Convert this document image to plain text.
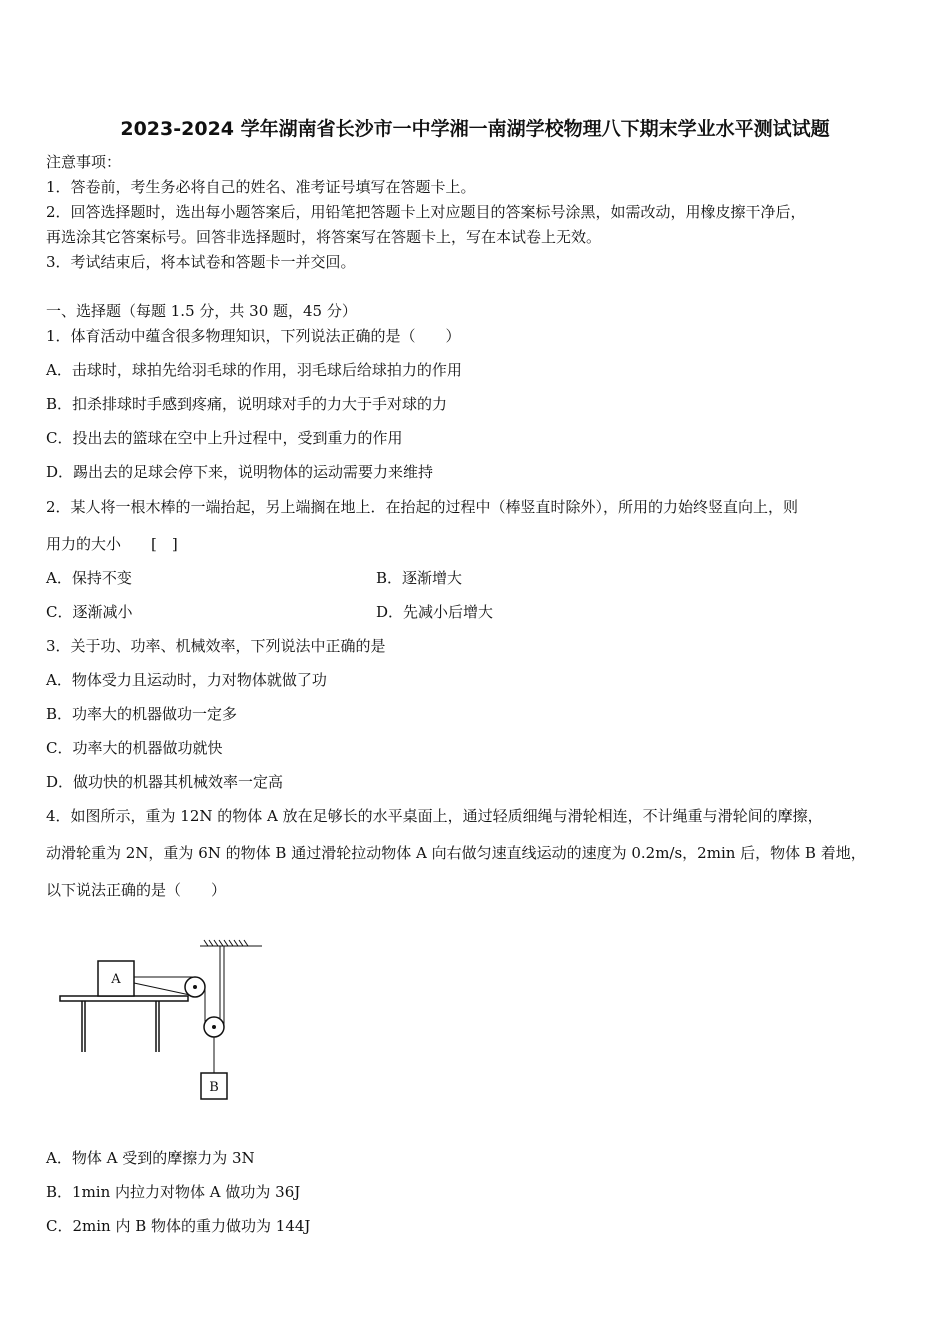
2023-2024 学年湖南省长沙市一中学湘一南湖学校物理八下期末学业水平测试试题
注意事项：
1．答卷前，考生务必将自己的姓名、准考证号填写在答题卡上。
2．回答选择题时，选出每小题答案后，用铅笔把答题卡上对应题目的答案标号涂黑，如需改动，用橡皮擦干净后，
再选涂其它答案标号。回答非选择题时，将答案写在答题卡上，写在本试卷上无效。
3．考试结束后，将本试卷和答题卡一并交回。
一、选择题（每题 1.5 分，共 30 题，45 分）
1．体育活动中蕴含很多物理知识，下列说法正确的是（　　）
A．击球时，球拍先给羽毛球的作用，羽毛球后给球拍力的作用
B．扣杀排球时手感到疼痛，说明球对手的力大于手对球的力
C．投出去的篮球在空中上升过程中，受到重力的作用
D．踢出去的足球会停下来，说明物体的运动需要力来维持
2．某人将一根木棒的一端抬起，另上端搁在地上．在抬起的过程中（棒竖直时除外），所用的力始终竖直向上，则
用力的大小　　[　]
A．保持不变	B．逐渐增大
C．逐渐减小	D．先减小后增大
3．关于功、功率、机械效率，下列说法中正确的是
A．物体受力且运动时，力对物体就做了功
B．功率大的机器做功一定多
C．功率大的机器做功就快
D．做功快的机器其机械效率一定高
4．如图所示，重为 12N 的物体 A 放在足够长的水平桌面上，通过轻质细绳与滑轮相连，不计绳重与滑轮间的摩擦，
动滑轮重为 2N，重为 6N 的物体 B 通过滑轮拉动物体 A 向右做匀速直线运动的速度为 0.2m/s，2min 后，物体 B 着地，
以下说法正确的是（　　）
A
B
A．物体 A 受到的摩擦力为 3N
B．1min 内拉力对物体 A 做功为 36J
C．2min 内 B 物体的重力做功为 144J
